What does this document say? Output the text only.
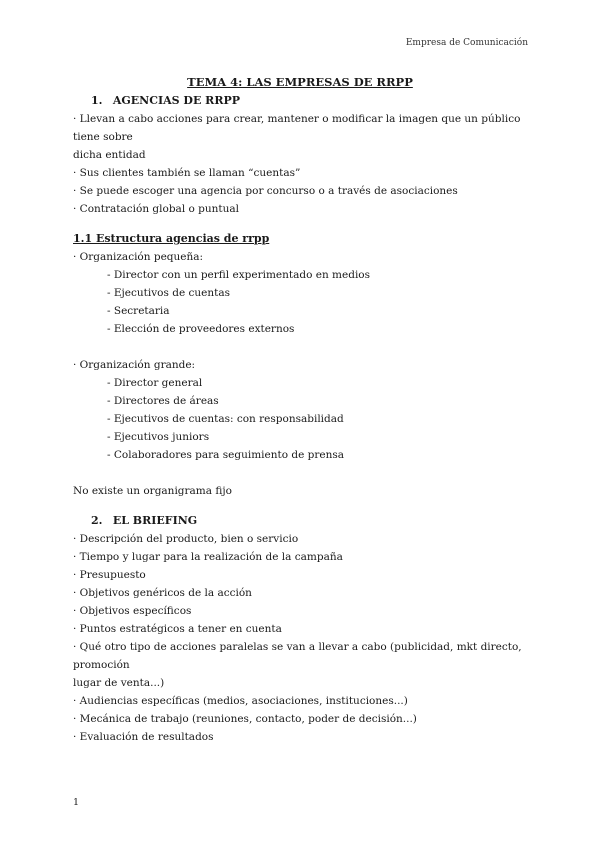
Empresa de Comunicación
TEMA 4: LAS EMPRESAS DE RRPP
1. AGENCIAS DE RRPP
· Llevan a cabo acciones para crear, mantener o modificar la imagen que un público tiene sobre
dicha entidad
· Sus clientes también se llaman “cuentas”
· Se puede escoger una agencia por concurso o a través de asociaciones
· Contratación global o puntual
1.1 Estructura agencias de rrpp
· Organización pequeña:
- Director con un perfil experimentado en medios
- Ejecutivos de cuentas
- Secretaria
- Elección de proveedores externos
· Organización grande:
- Director general
- Directores de áreas
- Ejecutivos de cuentas: con responsabilidad
- Ejecutivos juniors
- Colaboradores para seguimiento de prensa
No existe un organigrama fijo
2. EL BRIEFING
· Descripción del producto, bien o servicio
· Tiempo y lugar para la realización de la campaña
· Presupuesto
· Objetivos genéricos de la acción
· Objetivos específicos
· Puntos estratégicos a tener en cuenta
· Qué otro tipo de acciones paralelas se van a llevar a cabo (publicidad, mkt directo, promoción
lugar de venta...)
· Audiencias específicas (medios, asociaciones, instituciones...)
· Mecánica de trabajo (reuniones, contacto, poder de decisión...)
· Evaluación de resultados
1
